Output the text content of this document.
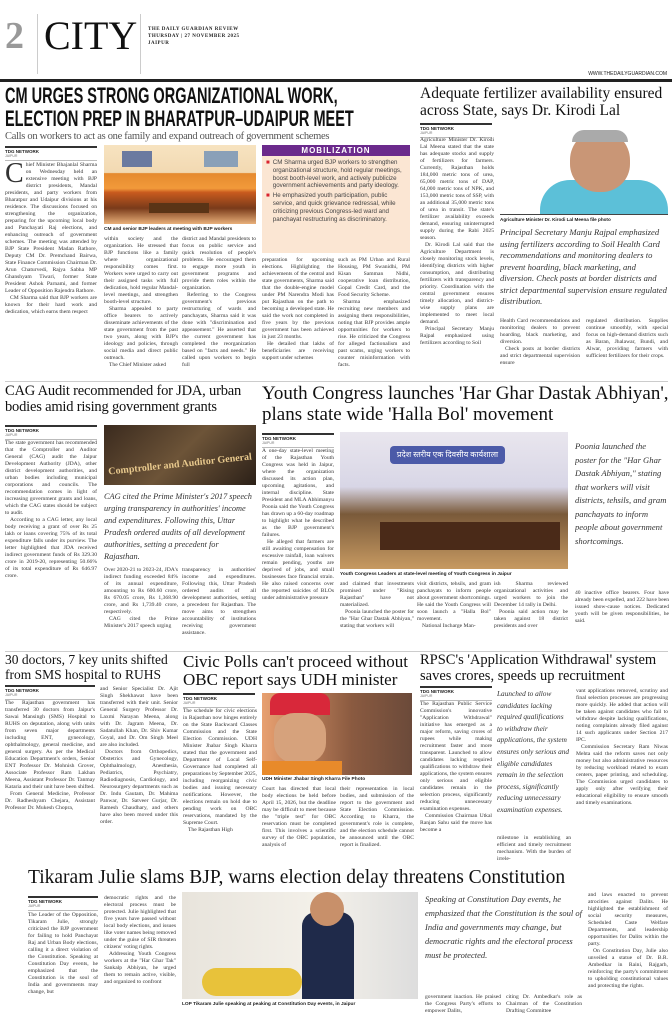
2 CITY THE DAILY GUARDIAN REVIEW
THURSDAY | 27 NOVEMBER 2025
JAIPUR
WWW.THEDAILYGUARDIAN.COM
CM URGES STRONG ORGANIZATIONAL WORK,
ELECTION PREP IN BHARATPUR–UDAIPUR MEET
Calls on workers to act as one family and expand outreach of government schemes
TDG NETWORK
JAIPUR
C hief Minister Bhajanlal Sharma on Wednesday held an extensive meeting with BJP district presidents, Mandal presidents, and party workers from Bharatpur and Udaipur divisions at his residence. The discussions focused on strengthening the organization, preparing for the upcoming local body and Panchayati Raj elections, and enhancing outreach of government schemes. The meeting was attended by BJP State President Madan Rathore, Deputy CM Dr. Premchand Bairwa, State Finance Commission Chairman Dr. Arun Chaturvedi, Rajya Sabha MP Ghanshyam Tiwari, former State President Ashok Parnami, and former Leader of Opposition Rajendra Rathore.

CM Sharma said that BJP workers are known for their hard work and dedication, which earns them respect

CM and senior BJP leaders at meeting with BJP workers

within society and the organization. He stressed that BJP functions like a family where organizational responsibility comes first. Workers were urged to carry out their assigned tasks with full dedication, hold regular Mandal-level meetings, and strengthen booth-level structure.

Sharma appealed to party office bearers to actively disseminate achievements of the state government from the past two years, along with BJP's ideology and policies, through social media and direct public outreach.

The Chief Minister asked

district and Mandal presidents to focus on public service and quick resolution of people's problems. He encouraged them to engage more youth in government programs and provide them roles within the organization.

Referring to the Congress government's previous restructuring of wards and panchayats, Sharma said it was done with "discrimination and appeasement." He asserted that the current government has completed the reorganization based on "facts and needs." He called upon workers to begin full

MOBILIZATION
■ CM Sharma urged BJP workers to strengthen organizational structure, hold regular meetings, boost booth-level work, and actively publicize government achievements and party ideology.
■ He emphasized youth participation, public service, and quick grievance redressal, while criticizing previous Congress-led ward and panchayat restructuring as discriminatory.

preparation for upcoming elections. Highlighting the achievements of the central and state governments, Sharma said that the double-engine model under PM Narendra Modi has put Rajasthan on the path to becoming a developed state. He said the work not completed in five years by the previous government has been achieved in just 23 months.

He detailed that lakhs of beneficiaries are receiving support under schemes

such as PM Urban and Rural Housing, PM Swanidhi, PM Kisan Samman Nidhi, cooperative loan distribution, Gopal Credit Card, and the Food Security Scheme.

Sharma emphasized recruiting new members and assigning them responsibilities, noting that BJP provides ample opportunities for workers to rise. He criticized the Congress for alleged factionalism and past scams, urging workers to counter misinformation with facts.

Adequate fertilizer availability ensured across State, says Dr. Kirodi Lal
TDG NETWORK
JAIPUR

Agriculture Minister Dr. Kirodi Lal Meena stated that the state has adequate stocks and supply of fertilizers for farmers. Currently, Rajasthan holds 184,000 metric tons of urea, 65,000 metric tons of DAP, 64,000 metric tons of NPK, and 153,000 metric tons of SSP, with an additional 35,000 metric tons of urea in transit. The state's fertilizer availability exceeds demand, ensuring uninterrupted supply during the Rabi 2025 season.

Dr. Kirodi Lal said that the Agriculture Department is closely monitoring stock levels, identifying districts with higher consumption, and distributing fertilizers with transparency and priority. Coordination with the central government ensures timely allocation, and district-wise supply plans are implemented to meet local demand.

Principal Secretary Manju Rajpal emphasized using fertilizers according to Soil

Agriculture Minister Dr. Kirodi Lal Meena file photo
Principal Secretary Manju Rajpal emphasized using fertilizers according to Soil Health Card recommendations and monitoring dealers to prevent hoarding, black marketing, and diversion. Check posts at border districts and strict departmental supervision ensure regulated distribution.

Health Card recommendations and monitoring dealers to prevent hoarding, black marketing, and diversion.

Check posts at border districts and strict departmental supervision ensure

regulated distribution. Supplies continue smoothly, with special focus on high-demand districts such as Baran, Jhalawar, Bundi, and Alwar, providing farmers with sufficient fertilizers for their crops.

CAG Audit recommended for JDA, urban bodies amid rising government grants
TDG NETWORK
JAIPUR

The state government has recommended that the Comptroller and Auditor General (CAG) audit the Jaipur Development Authority (JDA), other district development authorities, and urban bodies including municipal corporations and councils. The recommendation comes in light of increasing government grants and loans, which the CAG states should be subject to audit.

According to a CAG letter, any local body receiving a grant of over Rs 25 lakh or loans covering 75% of its total expenditure falls under its purview. The letter highlighted that JDA received indirect government funds of Rs 329.30 crore in 2019-20, representing 50.66% of its total expenditure of Rs 646.97 crore.

Comptroller and Auditor General
CAG cited the Prime Minister's 2017 speech urging transparency in authorities' income and expenditures. Following this, Uttar Pradesh ordered audits of all development authorities, setting a precedent for Rajasthan.

Over 2020-21 to 2023-24, JDA's indirect funding exceeded 84% of its annual expenditure, amounting to Rs 600.60 crore, Rs 670.05 crore, Rs 1,368.90 crore, and Rs 1,739.40 crore, respectively.

CAG cited the Prime Minister's 2017 speech urging

transparency in authorities' income and expenditures. Following this, Uttar Pradesh ordered audits of all development authorities, setting a precedent for Rajasthan. The move aims to strengthen accountability of institutions receiving government assistance.

Youth Congress launches 'Har Ghar Dastak Abhiyan', plans state wide 'Halla Bol' movement
TDG NETWORK
JAIPUR

A one-day state-level meeting of the Rajasthan Youth Congress was held in Jaipur, where the organization discussed its action plan, upcoming agitations, and internal discipline. State President and MLA Abhimanyu Poonia said the Youth Congress has drawn up a 60-day roadmap to highlight what he described as the BJP government's failures.

He alleged that farmers are still awaiting compensation for excessive rainfall, loan waivers remain pending, youths are deprived of jobs, and small businesses face financial strain. He also raised concerns over the reported suicides of BLOs under administrative pressure

प्रदेश स्तरीय एक दिवसीय कार्यशाला
Youth Congress Leaders at state-level meeting of Youth Congress in Jaipur

and claimed that investments promised under "Rising Rajasthan" have not materialized.

Poonia launched the poster for the "Har Ghar Dastak Abhiyan," stating that workers will

visit districts, tehsils, and gram panchayats to inform people about government shortcomings. He said the Youth Congress will soon launch a "Halla Bol" movement.

National Incharge Man-

ish Sharma reviewed organizational activities and urged workers to join the December 14 rally in Delhi.

Poonia said action may be taken against 18 district presidents and over

Poonia launched the poster for the "Har Ghar Dastak Abhiyan," stating that workers will visit districts, tehsils, and gram panchayats to inform people about government shortcomings.

40 inactive office bearers. Four have already been expelled, and 222 have been issued show-cause notices. Dedicated youth will be given responsibilities, he said.

30 doctors, 7 key units shifted from SMS hospital to RUHS
TDG NETWORK
JAIPUR

The Rajasthan government has transferred 30 doctors from Jaipur's Sawai Mansingh (SMS) Hospital to RUHS on deputation, along with units from seven major departments including ENT, gynecology, ophthalmology, general medicine, and general surgery. As per the Medical Education Department's orders, Senior ENT Professor Dr. Mohnish Grover, Associate Professor Ram Lakhan Meena, Assistant Professor Dr. Tanmay Kataria and their unit have been shifted.

From General Medicine, Professor Dr. Radheshyam Chejara, Assistant Professor Dr. Mukesh Chopra,

and Senior Specialist Dr. Ajit Singh Shekhawat have been transferred with their unit. Senior General Surgery Professor Dr. Laxmi Narayan Meena, along with Dr. Jagram Meena, Dr. Sadatullah Khan, Dr. Shiv Kumar Goyal, and Dr. Om Singh Meel are also included.

Doctors from Orthopedics, Obstetrics and Gynecology, Ophthalmology, Anesthesia, Pediatrics, Psychiatry, Radiodiagnosis, Cardiology, and Neurosurgery departments such as Dr. Indu Gautam, Dr. Mahima Panwar, Dr. Satveer Gurjar, Dr. Ramesh Chaudhary, and others have also been moved under this order.

Civic Polls can't proceed without OBC report says UDH minister
TDG NETWORK
JAIPUR

The schedule for civic elections in Rajasthan now hinges entirely on the State Backward Classes Commission and the State Election Commission. UDH Minister Jhabar Singh Kharra stated that the government and Department of Local Self-Governance had completed all preparations by September 2025, including reorganizing civic bodies and issuing necessary notifications. However, the elections remain on hold due to pending work on OBC reservations, mandated by the Supreme Court.

The Rajasthan High

UDH Minister Jhabar Singh Kharra File Photo

Court has directed that local body elections be held before April 15, 2026, but the deadline may be difficult to meet because the "triple test" for OBC reservation must be completed first. This involves a scientific survey of the OBC population, analysis of

their representation in local bodies, and submission of the report to the government and State Election Commission. According to Kharra, the government's role is complete, and the election schedule cannot be announced until the OBC report is finalized.

RPSC's 'Application Withdrawal' system saves crores, speeds up recruitment
TDG NETWORK
JAIPUR

The Rajasthan Public Service Commission's innovative "Application Withdrawal" initiative has emerged as a major reform, saving crores of rupees while making recruitment faster and more transparent. Launched to allow candidates lacking required qualifications to withdraw their applications, the system ensures only serious and eligible candidates remain in the selection process, significantly reducing unnecessary examination expenses.

Commission Chairman Utkal Ranjan Sahu said the move has become a

Launched to allow candidates lacking required qualifications to withdraw their applications, the system ensures only serious and eligible candidates remain in the selection process, significantly reducing unnecessary examination expenses.

milestone in establishing an efficient and timely recruitment mechanism. With the burden of irrele-

vant applications removed, scrutiny and final selection processes are progressing more quickly. He added that action will be taken against candidates who fail to withdraw despite lacking qualifications, noting complaints already filed against 14 such applicants under Section 217 IPC.

Commission Secretary Ram Niwas Mehta said the reform saves not only money but also administrative resources by reducing workload related to exam centers, paper printing, and scheduling. The Commission urged candidates to apply only after verifying their educational eligibility to ensure smooth and timely examinations.

Tikaram Julie slams BJP, warns election delay threatens Constitution
TDG NETWORK
JAIPUR

The Leader of the Opposition, Tikaram Julie, strongly criticized the BJP government for failing to hold Panchayat Raj and Urban Body elections, calling it a direct violation of the Constitution. Speaking at Constitution Day events, he emphasized that the Constitution is the soul of India and governments may change, but

democratic rights and the electoral process must be protected. Julie highlighted that five years have passed without local body elections, and issues like voter names being removed under the guise of SIR threaten citizens' voting rights.

Addressing Youth Congress workers at the "Har Ghar Tak" Sankalp Abhiyan, he urged them to remain active, visible, and organized to confront

LOP Tikaram Julie speaking at peaking at Constitution Day events, in Jaipur
Speaking at Constitution Day events, he emphasized that the Constitution is the soul of India and governments may change, but democratic rights and the electoral process must be protected.

government inaction. He praised the Congress Party's efforts to empower Dalits,

citing Dr. Ambedkar's role as Chairman of the Constitution Drafting Committee

and laws enacted to prevent atrocities against Dalits. He highlighted the establishment of social security measures, Scheduled Caste Welfare Departments, and leadership opportunities for Dalits within the party.

On Constitution Day, Julie also unveiled a statue of Dr. B.R. Ambedkar in Raini, Rajgarh, reinforcing the party's commitment to upholding constitutional values and protecting the rights.
